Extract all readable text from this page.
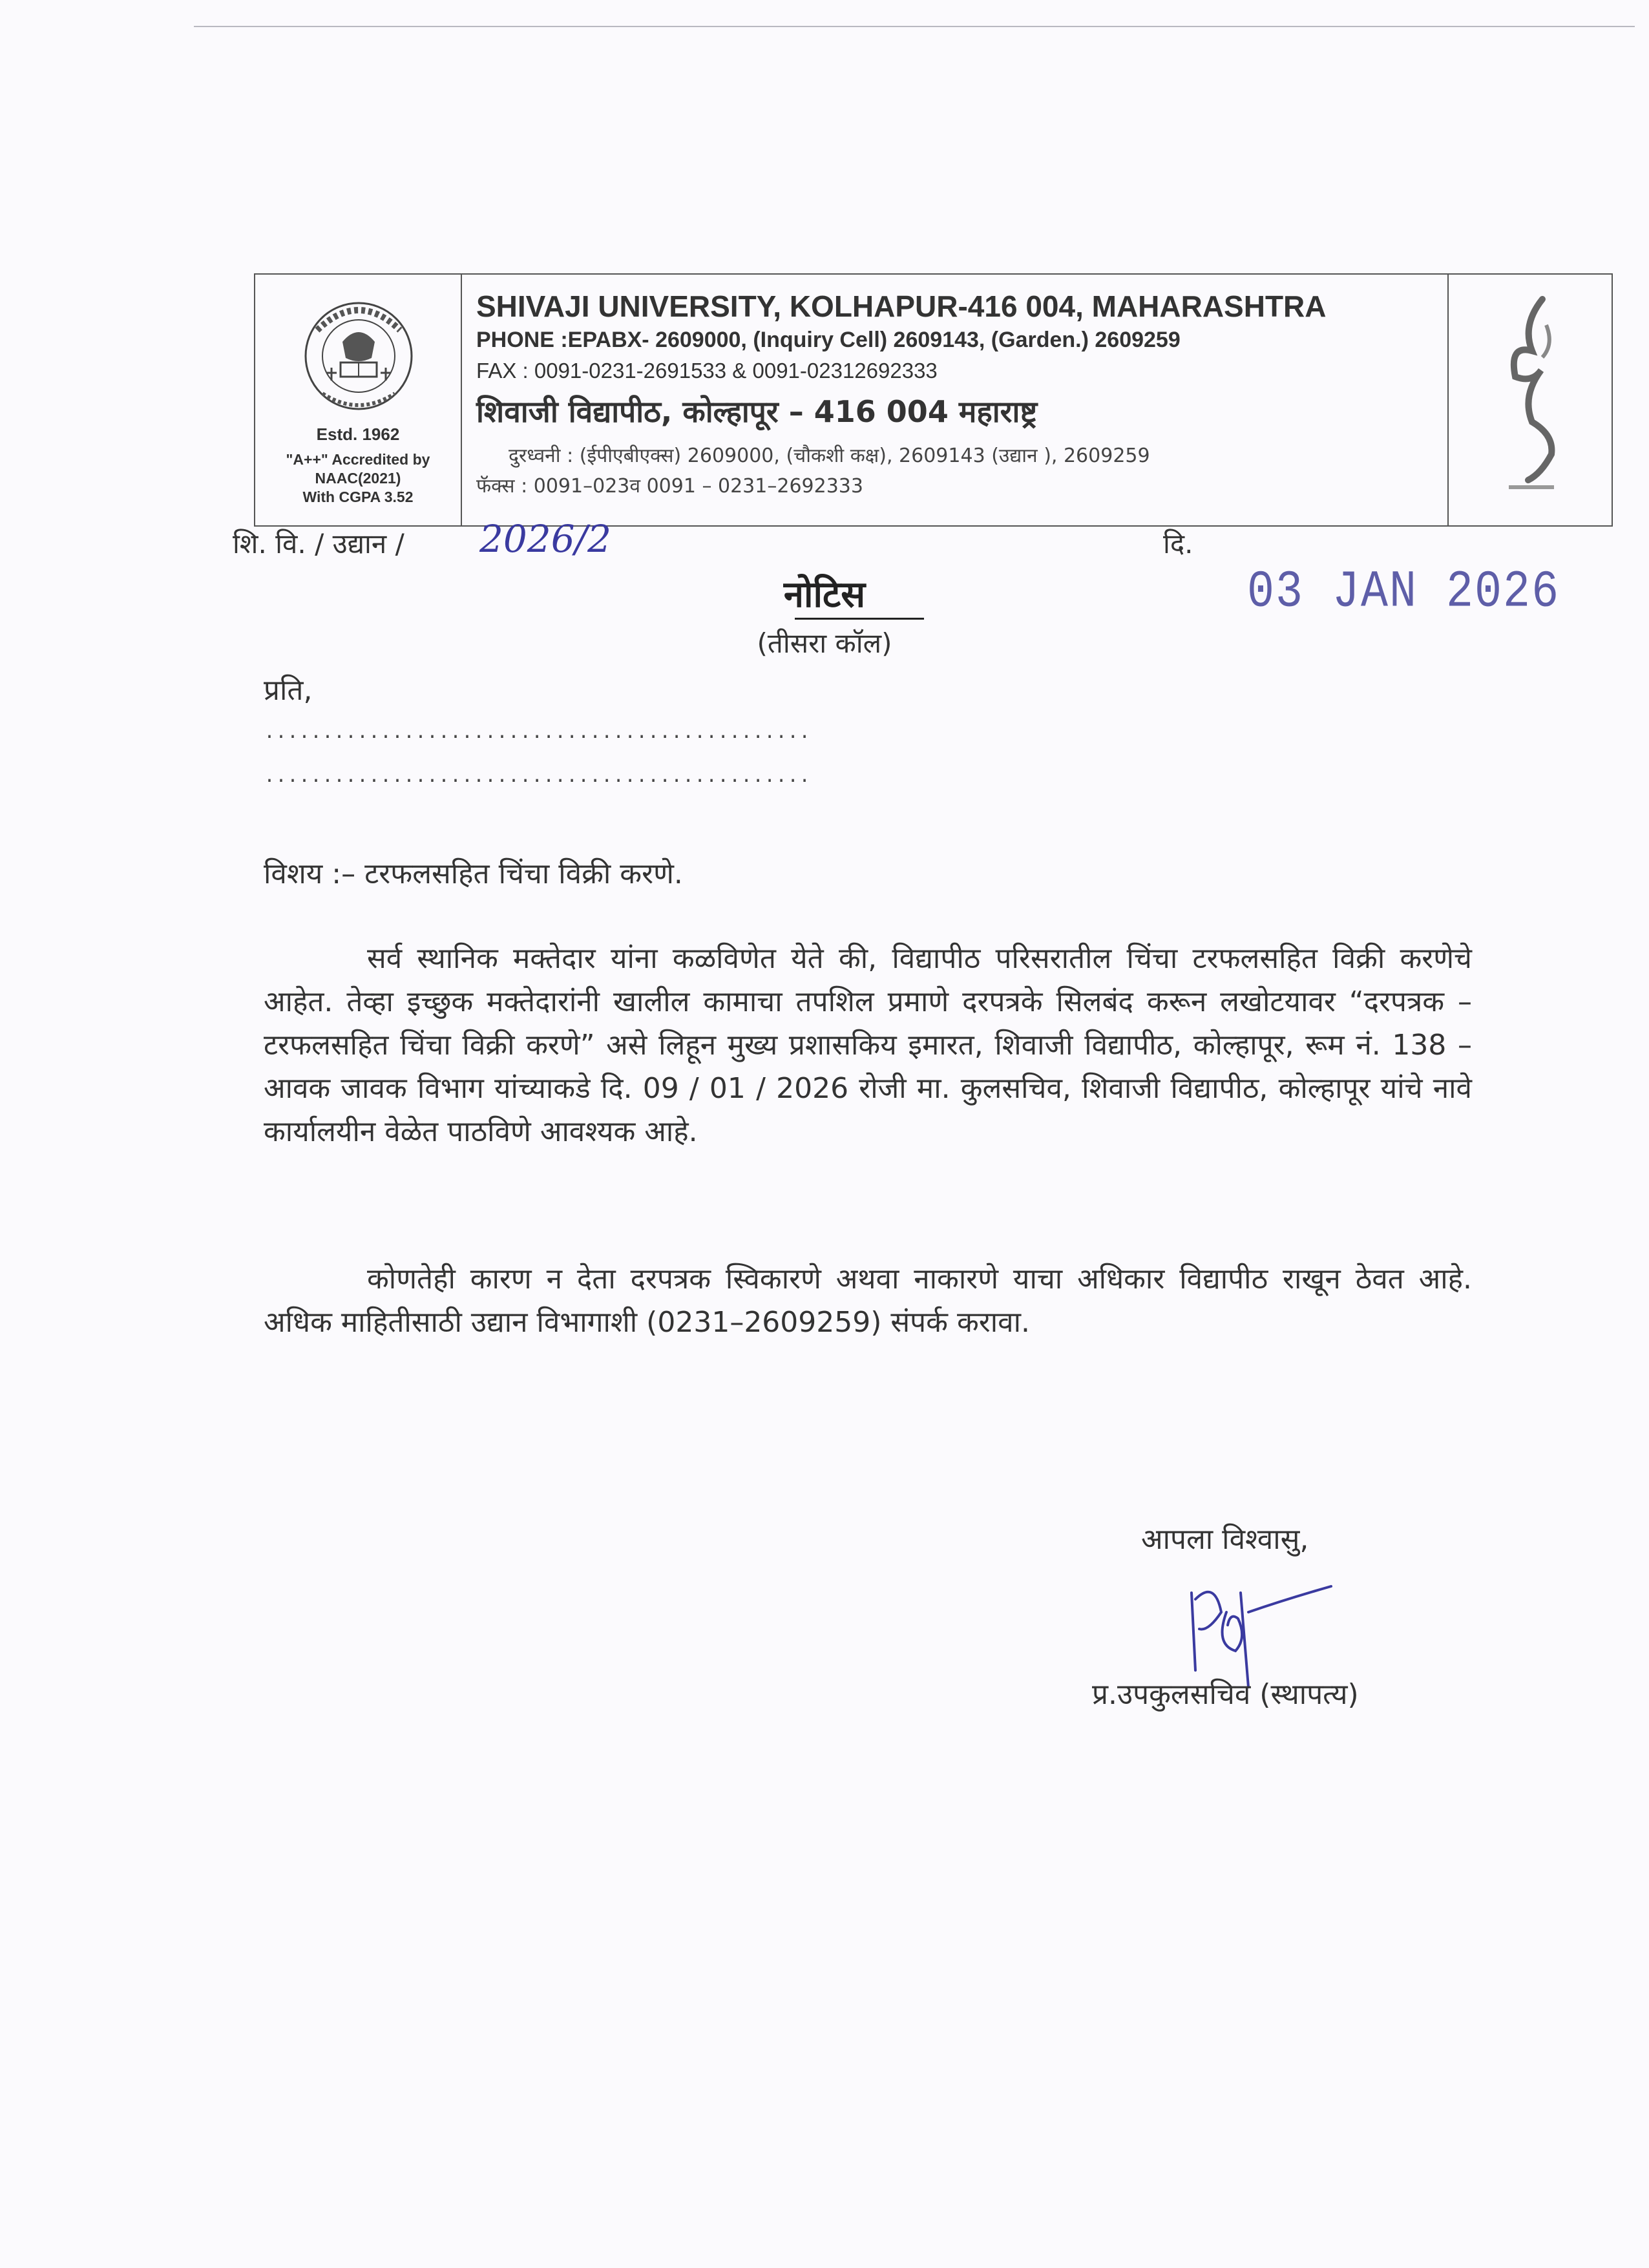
Estd. 1962
"A++" Accredited by
NAAC(2021)
With CGPA 3.52
SHIVAJI UNIVERSITY, KOLHAPUR-416 004, MAHARASHTRA
PHONE :EPABX- 2609000, (Inquiry Cell) 2609143, (Garden.) 2609259
FAX : 0091-0231-2691533 & 0091-02312692333
शिवाजी विद्यापीठ, कोल्हापूर – 416 004 महाराष्ट्र
दुरध्वनी : (ईपीएबीएक्स) 2609000, (चौकशी कक्ष), 2609143 (उद्यान ), 2609259
फॅक्स : 0091–023व 0091 – 0231–2692333
शि. वि. / उद्यान / 2026/2	दि.
03 JAN 2026
नोटिस
(तीसरा कॉल)
प्रति,
...............................................
...............................................
विशय :– टरफलसहित चिंचा विक्री करणे.
सर्व स्थानिक मक्तेदार यांना कळविणेत येते की, विद्यापीठ परिसरातील चिंचा टरफलसहित विक्री करणेचे आहेत. तेव्हा इच्छुक मक्तेदारांनी खालील कामाचा तपशिल प्रमाणे दरपत्रके सिलबंद करून लखोटयावर “दरपत्रक – टरफलसहित चिंचा विक्री करणे” असे लिहून मुख्य प्रशासकिय इमारत, शिवाजी विद्यापीठ, कोल्हापूर, रूम नं. 138 – आवक जावक विभाग यांच्याकडे दि. 09 / 01 / 2026 रोजी मा. कुलसचिव, शिवाजी विद्यापीठ, कोल्हापूर यांचे नावे कार्यालयीन वेळेत पाठविणे आवश्यक आहे.
कोणतेही कारण न देता दरपत्रक स्विकारणे अथवा नाकारणे याचा अधिकार विद्यापीठ राखून ठेवत आहे. अधिक माहितीसाठी उद्यान विभागाशी (0231–2609259) संपर्क करावा.
आपला विश्वासु,
प्र.उपकुलसचिव (स्थापत्य)
